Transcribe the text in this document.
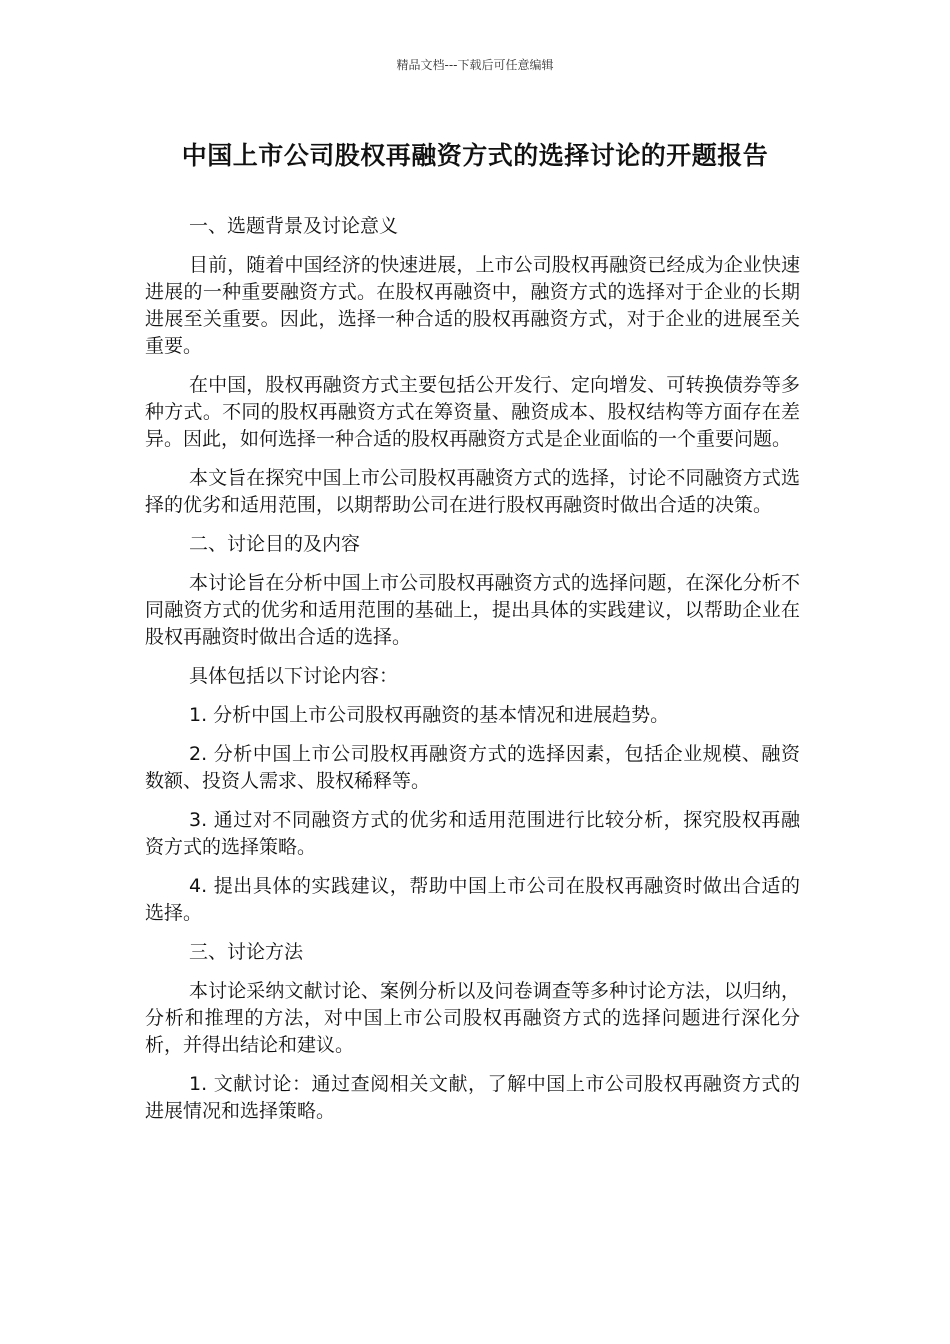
精品文档---下载后可任意编辑
中国上市公司股权再融资方式的选择讨论的开题报告

一、选题背景及讨论意义

目前，随着中国经济的快速进展，上市公司股权再融资已经成为企业快速进展的一种重要融资方式。在股权再融资中，融资方式的选择对于企业的长期进展至关重要。因此，选择一种合适的股权再融资方式，对于企业的进展至关重要。

在中国，股权再融资方式主要包括公开发行、定向增发、可转换债券等多种方式。不同的股权再融资方式在筹资量、融资成本、股权结构等方面存在差异。因此，如何选择一种合适的股权再融资方式是企业面临的一个重要问题。

本文旨在探究中国上市公司股权再融资方式的选择，讨论不同融资方式选择的优劣和适用范围，以期帮助公司在进行股权再融资时做出合适的决策。

二、讨论目的及内容

本讨论旨在分析中国上市公司股权再融资方式的选择问题，在深化分析不同融资方式的优劣和适用范围的基础上，提出具体的实践建议，以帮助企业在股权再融资时做出合适的选择。

具体包括以下讨论内容：

1. 分析中国上市公司股权再融资的基本情况和进展趋势。

2. 分析中国上市公司股权再融资方式的选择因素，包括企业规模、融资数额、投资人需求、股权稀释等。

3. 通过对不同融资方式的优劣和适用范围进行比较分析，探究股权再融资方式的选择策略。

4. 提出具体的实践建议，帮助中国上市公司在股权再融资时做出合适的选择。

三、讨论方法

本讨论采纳文献讨论、案例分析以及问卷调查等多种讨论方法，以归纳，分析和推理的方法，对中国上市公司股权再融资方式的选择问题进行深化分析，并得出结论和建议。

1. 文献讨论：通过查阅相关文献，了解中国上市公司股权再融资方式的进展情况和选择策略。
